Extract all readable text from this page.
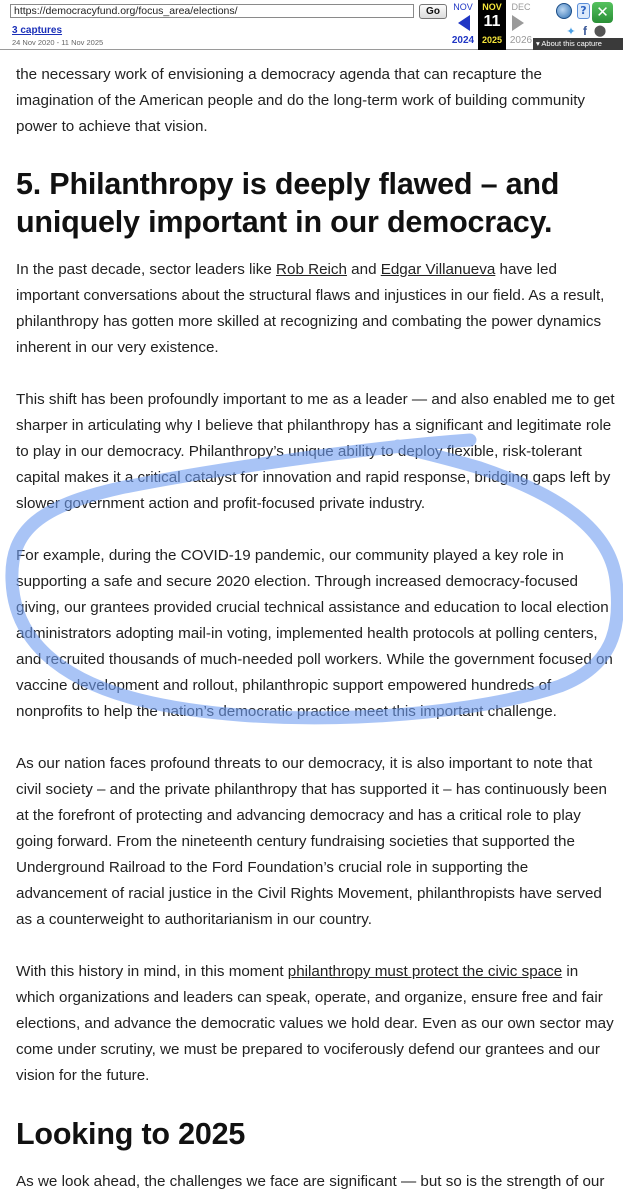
https://democracyfund.org/focus_area/elections/	Go
3 captures
24 Nov 2020 - 11 Nov 2025
NOV
2024
NOV
11
2025
DEC
2026
? ✕
✦ f ⬤
▾ About this capture

the necessary work of envisioning a democracy agenda that can recapture the imagination of the American people and do the long-term work of building community power to achieve that vision.

5. Philanthropy is deeply flawed – and uniquely important in our democracy.

In the past decade, sector leaders like Rob Reich and Edgar Villanueva have led important conversations about the structural flaws and injustices in our field. As a result, philanthropy has gotten more skilled at recognizing and combating the power dynamics inherent in our very existence.

This shift has been profoundly important to me as a leader — and also enabled me to get sharper in articulating why I believe that philanthropy has a significant and legitimate role to play in our democracy. Philanthropy’s unique ability to deploy flexible, risk-tolerant capital makes it a critical catalyst for innovation and rapid response, bridging gaps left by slower government action and profit-focused private industry.

For example, during the COVID-19 pandemic, our community played a key role in supporting a safe and secure 2020 election. Through increased democracy-focused giving, our grantees provided crucial technical assistance and education to local election administrators adopting mail-in voting, implemented health protocols at polling centers, and recruited thousands of much-needed poll workers. While the government focused on vaccine development and rollout, philanthropic support empowered hundreds of nonprofits to help the nation’s democratic practice meet this important challenge.

As our nation faces profound threats to our democracy, it is also important to note that civil society – and the private philanthropy that has supported it – has continuously been at the forefront of protecting and advancing democracy and has a critical role to play going forward. From the nineteenth century fundraising societies that supported the Underground Railroad to the Ford Foundation’s crucial role in supporting the advancement of racial justice in the Civil Rights Movement, philanthropists have served as a counterweight to authoritarianism in our country.

With this history in mind, in this moment philanthropy must protect the civic space in which organizations and leaders can speak, operate, and organize, ensure free and fair elections, and advance the democratic values we hold dear. Even as our own sector may come under scrutiny, we must be prepared to vociferously defend our grantees and our vision for the future.

Looking to 2025

As we look ahead, the challenges we face are significant — but so is the strength of our
